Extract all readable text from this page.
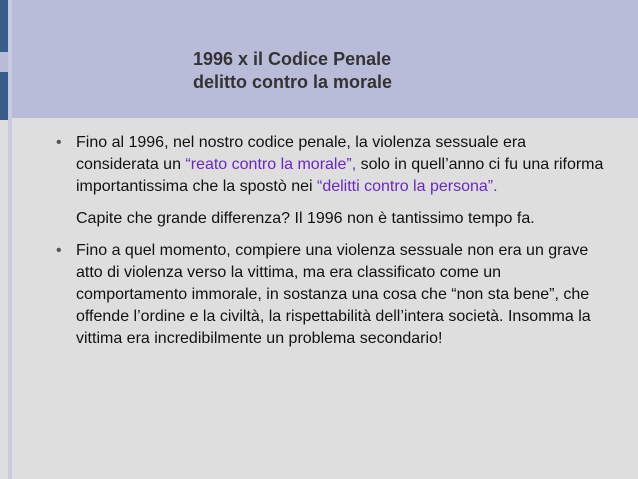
1996 x il Codice Penale
delitto contro la morale
• Fino al 1996, nel nostro codice penale, la violenza sessuale era considerata un “reato contro la morale”, solo in quell’anno ci fu una riforma importantissima che la spostò nei “delitti contro la persona”.
Capite che grande differenza? Il 1996 non è tantissimo tempo fa.
• Fino a quel momento, compiere una violenza sessuale non era un grave atto di violenza verso la vittima, ma era classificato come un comportamento immorale, in sostanza una cosa che “non sta bene”, che offende l’ordine e la civiltà, la rispettabilità dell’intera società. Insomma la vittima era incredibilmente un problema secondario!
